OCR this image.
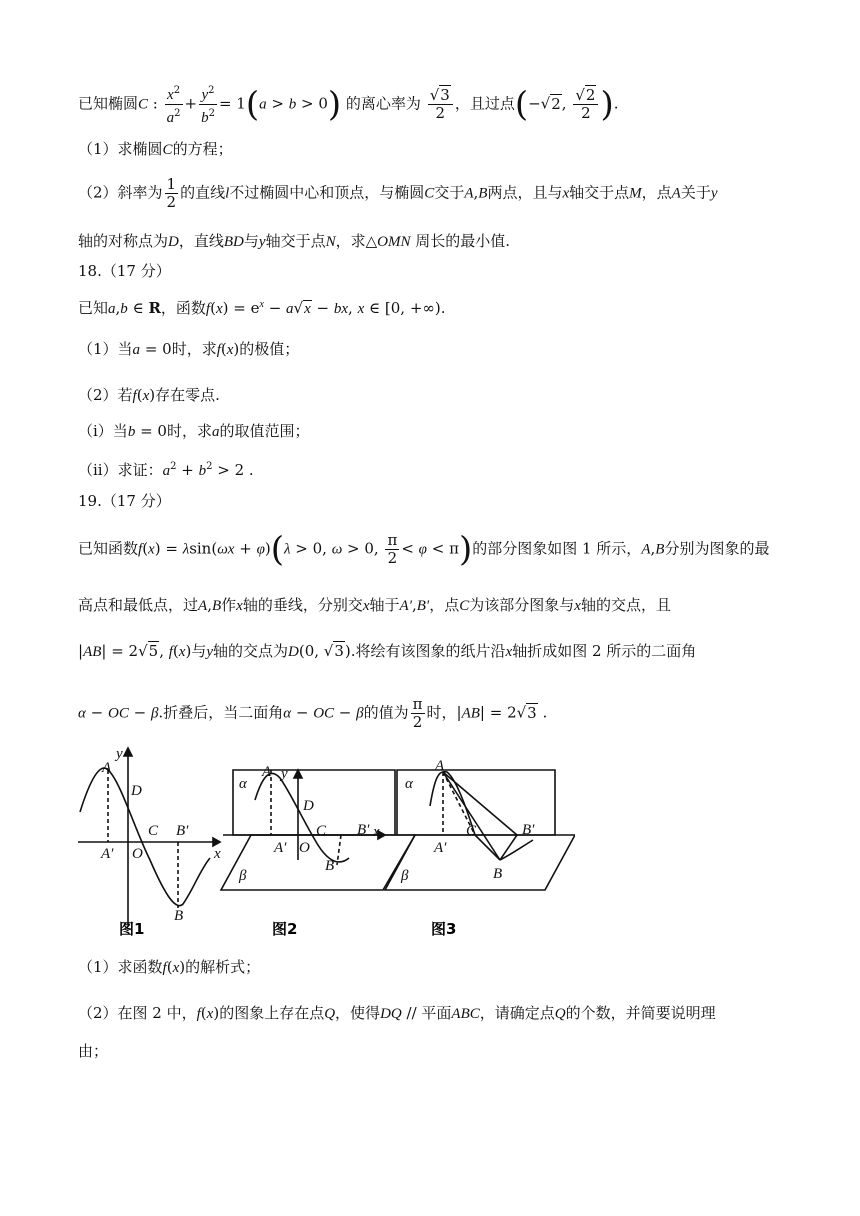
已知椭圆C : $\frac{x^2}{a^2} + \frac{y^2}{b^2} = 1(a > b > 0)$ 的离心率为 $\frac{√3}{2}$ ，且过点(−√2, $\frac{√2}{2}$ ).
（1）求椭圆C的方程；
（2）斜率为 $\frac{1}{2}$ 的直线l不过椭圆中心和顶点，与椭圆C交于A,B两点，且与x轴交于点M，点A关于y
轴的对称点为D，直线BD与y轴交于点N，求△OMN 周长的最小值.
18.（17 分）
已知a,b ∈ R，函数$f(x) = e^x - a√x$ − bx, x ∈ [0, +∞).
（1）当a = 0时，求f(x)的极值；
（2）若f(x)存在零点.
（i）当b = 0时，求a的取值范围；
（ii）求证：$a^2 + b^2 > 2$ .
19.（17 分）
已知函数f(x) = λsin(ωx + φ)(λ > 0, ω > 0, $\frac{\pi}{2} < \varphi < \pi$)的部分图象如图 1 所示，A,B分别为图象的最
高点和最低点，过A,B作x轴的垂线，分别交x轴于A′,B′，点C为该部分图象与x轴的交点，且
|AB| = 2√5, f(x)与y轴的交点为D(0, √3).将绘有该图象的纸片沿x轴折成如图 2 所示的二面角
α − OC − β.折叠后，当二面角α − OC − β的值为 $\frac{\pi}{2}$ 时，|AB| = 2√3 .
y
A
D
C B′
A′ O	x
B
图1
α
A y
D
C B′
A′ O
B
β
x
图2
α
A
C	B′
A′
B
β
图3
（1）求函数f(x)的解析式；
（2）在图 2 中，f(x)的图象上存在点Q，使得DQ // 平面ABC，请确定点Q的个数，并简要说明理
由；
